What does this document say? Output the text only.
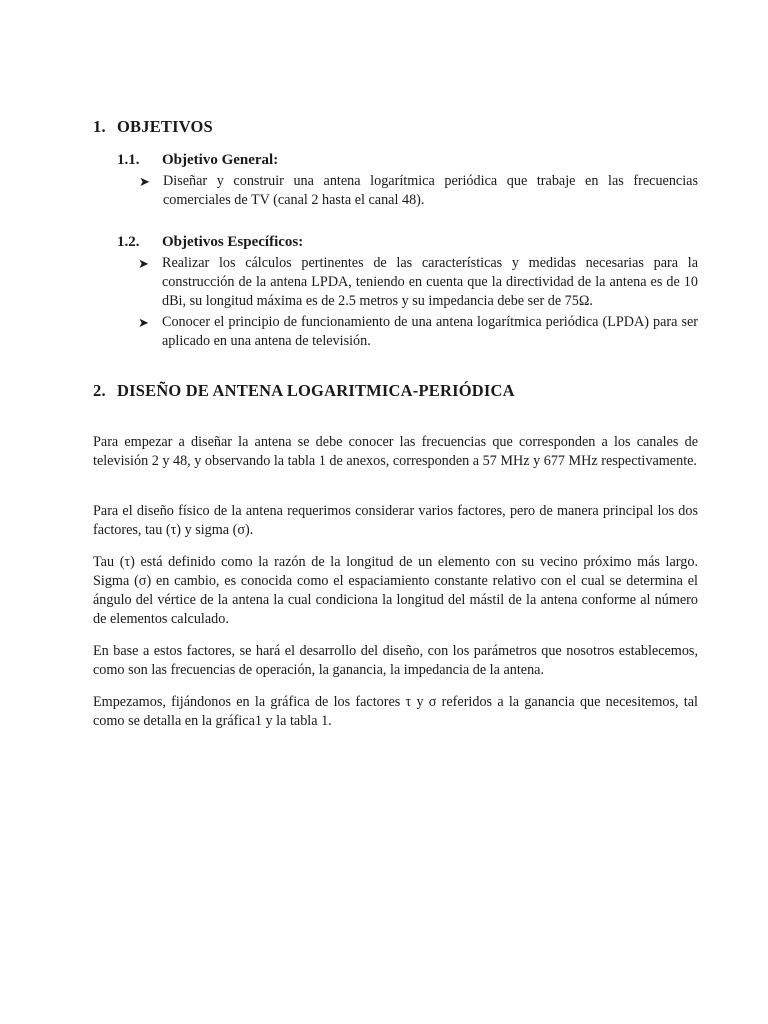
1. OBJETIVOS
1.1. Objetivo General:
➤ Diseñar y construir una antena logarítmica periódica que trabaje en las frecuencias comerciales de TV (canal 2 hasta el canal 48).
1.2. Objetivos Específicos:
➤ Realizar los cálculos pertinentes de las características y medidas necesarias para la construcción de la antena LPDA, teniendo en cuenta que la directividad de la antena es de 10 dBi, su longitud máxima es de 2.5 metros y su impedancia debe ser de 75Ω.
➤ Conocer el principio de funcionamiento de una antena logarítmica periódica (LPDA) para ser aplicado en una antena de televisión.
2. DISEÑO DE ANTENA LOGARITMICA-PERIÓDICA

Para empezar a diseñar la antena se debe conocer las frecuencias que corresponden a los canales de televisión 2 y 48, y observando la tabla 1 de anexos, corresponden a 57 MHz y 677 MHz respectivamente.

Para el diseño físico de la antena requerimos considerar varios factores, pero de manera principal los dos factores, tau (τ) y sigma (σ).

Tau (τ) está definido como la razón de la longitud de un elemento con su vecino próximo más largo. Sigma (σ) en cambio, es conocida como el espaciamiento constante relativo con el cual se determina el ángulo del vértice de la antena la cual condiciona la longitud del mástil de la antena conforme al número de elementos calculado.

En base a estos factores, se hará el desarrollo del diseño, con los parámetros que nosotros establecemos, como son las frecuencias de operación, la ganancia, la impedancia de la antena.

Empezamos, fijándonos en la gráfica de los factores τ y σ referidos a la ganancia que necesitemos, tal como se detalla en la gráfica1 y la tabla 1.
